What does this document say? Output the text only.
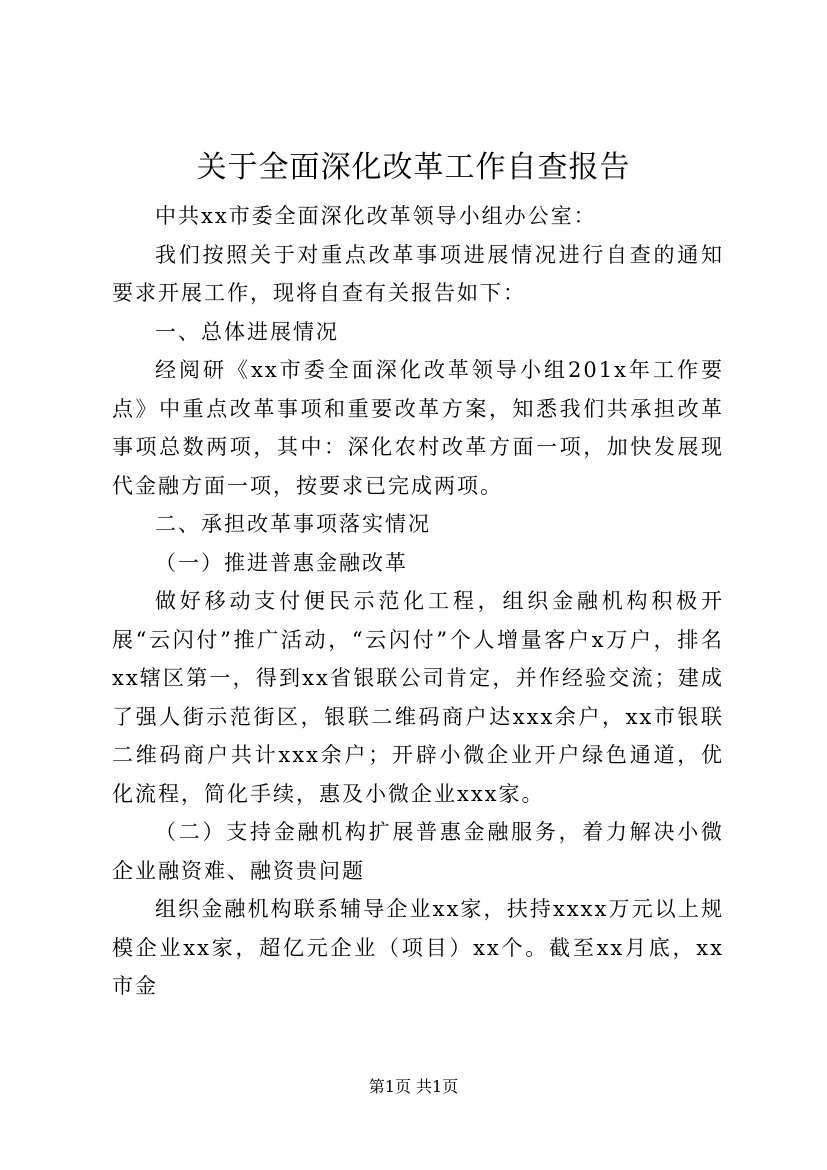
关于全面深化改革工作自查报告

中共xx市委全面深化改革领导小组办公室：

我们按照关于对重点改革事项进展情况进行自查的通知要求开展工作，现将自查有关报告如下：

一、总体进展情况

经阅研《xx市委全面深化改革领导小组201x年工作要点》中重点改革事项和重要改革方案，知悉我们共承担改革事项总数两项，其中：深化农村改革方面一项，加快发展现代金融方面一项，按要求已完成两项。

二、承担改革事项落实情况

（一）推进普惠金融改革

做好移动支付便民示范化工程，组织金融机构积极开展“云闪付”推广活动，“云闪付”个人增量客户x万户，排名xx辖区第一，得到xx省银联公司肯定，并作经验交流；建成了强人街示范街区，银联二维码商户达xxx余户，xx市银联二维码商户共计xxx余户；开辟小微企业开户绿色通道，优化流程，简化手续，惠及小微企业xxx家。

（二）支持金融机构扩展普惠金融服务，着力解决小微企业融资难、融资贵问题

组织金融机构联系辅导企业xx家，扶持xxxx万元以上规模企业xx家，超亿元企业（项目）xx个。截至xx月底，xx市金

第1页 共1页
